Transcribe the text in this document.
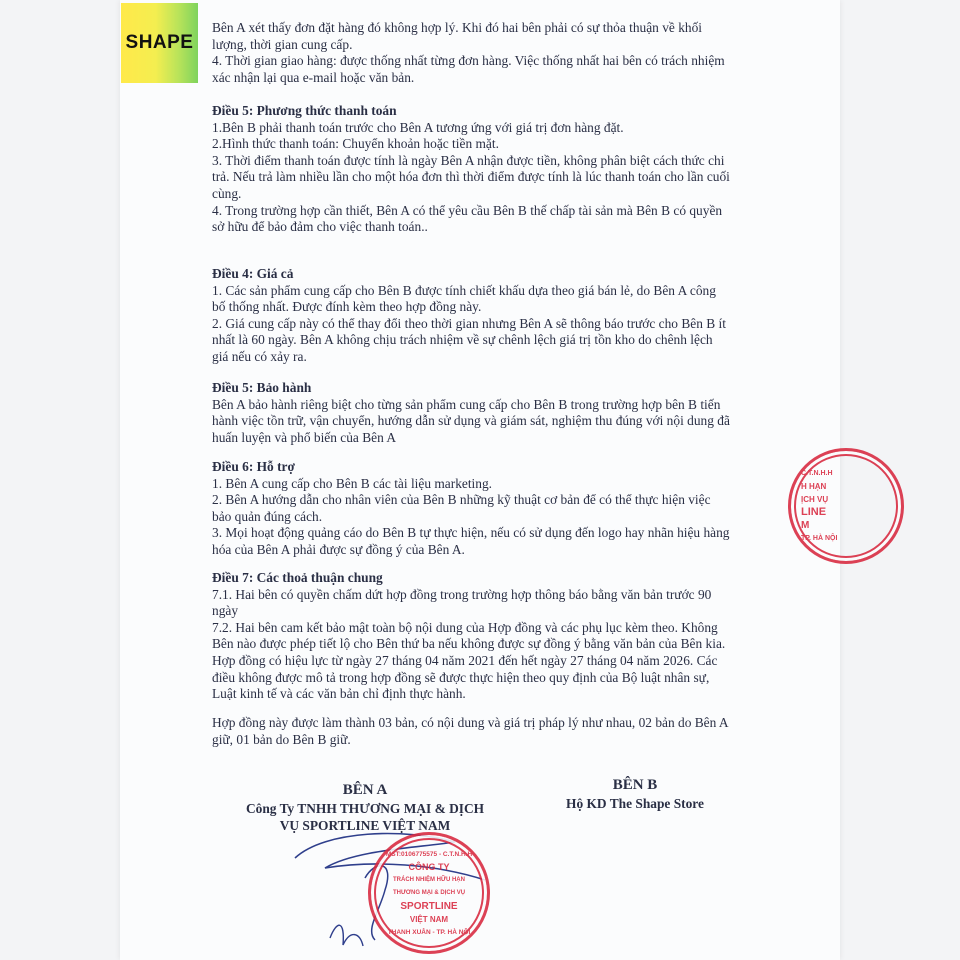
SHAPE

Bên A xét thấy đơn đặt hàng đó không hợp lý. Khi đó hai bên phải có sự thỏa thuận về khối

lượng, thời gian cung cấp.

4. Thời gian giao hàng: được thống nhất từng đơn hàng. Việc thống nhất hai bên có trách nhiệm

xác nhận lại qua e-mail hoặc văn bản.

Điều 5: Phương thức thanh toán

1.Bên B phải thanh toán trước cho Bên A tương ứng với giá trị đơn hàng đặt.

2.Hình thức thanh toán: Chuyển khoản hoặc tiền mặt.

3. Thời điểm thanh toán được tính là ngày Bên A nhận được tiền, không phân biệt cách thức chi

trả. Nếu trả làm nhiều lần cho một hóa đơn thì thời điểm được tính là lúc thanh toán cho lần cuối

cùng.

4. Trong trường hợp cần thiết, Bên A có thể yêu cầu Bên B thế chấp tài sản mà Bên B có quyền

sở hữu để bảo đảm cho việc thanh toán..

Điều 4: Giá cả

1. Các sản phẩm cung cấp cho Bên B được tính chiết khấu dựa theo giá bán lẻ, do Bên A công

bố thống nhất. Được đính kèm theo hợp đồng này.

2. Giá cung cấp này có thể thay đổi theo thời gian nhưng Bên A sẽ thông báo trước cho Bên B ít

nhất là 60 ngày. Bên A không chịu trách nhiệm về sự chênh lệch giá trị tồn kho do chênh lệch

giá nếu có xảy ra.

Điều 5: Bảo hành

Bên A bảo hành riêng biệt cho từng sản phẩm cung cấp cho Bên B trong trường hợp bên B tiến

hành việc tồn trữ, vận chuyển, hướng dẫn sử dụng và giám sát, nghiệm thu đúng với nội dung đã

huấn luyện và phổ biến của Bên A

Điều 6: Hỗ trợ

1. Bên A cung cấp cho Bên B các tài liệu marketing.

2. Bên A hướng dẫn cho nhân viên của Bên B những kỹ thuật cơ bản để có thể thực hiện việc

bảo quản đúng cách.

3. Mọi hoạt động quảng cáo do Bên B tự thực hiện, nếu có sử dụng đến logo hay nhãn hiệu hàng

hóa của Bên A phải được sự đồng ý của Bên A.

Điều 7: Các thoả thuận chung

7.1. Hai bên có quyền chấm dứt hợp đồng trong trường hợp thông báo bằng văn bản trước 90

ngày

7.2. Hai bên cam kết bảo mật toàn bộ nội dung của Hợp đồng và các phụ lục kèm theo. Không

Bên nào được phép tiết lộ cho Bên thứ ba nếu không được sự đồng ý bằng văn bản của Bên kia.

Hợp đồng có hiệu lực từ ngày 27 tháng 04 năm 2021 đến hết ngày 27 tháng 04 năm 2026. Các

điều không được mô tả trong hợp đồng sẽ được thực hiện theo quy định của Bộ luật nhân sự,

Luật kinh tế và các văn bản chỉ định thực hành.

Hợp đồng này được làm thành 03 bản, có nội dung và giá trị pháp lý như nhau, 02 bản do Bên A

giữ, 01 bản do Bên B giữ.

BÊN A
Công Ty TNHH THƯƠNG MẠI & DỊCH
VỤ SPORTLINE VIỆT NAM
BÊN B
Hộ KD The Shape Store
MST:0106775575 - C.T.N.H.H
CÔNG TY
TRÁCH NHIỆM HỮU HẠN
THƯƠNG MẠI & DỊCH VỤ
SPORTLINE
VIỆT NAM
THANH XUÂN - TP. HÀ NỘI
C.T.N.H.H
H HẠN
ỊCH VỤ
LINE
M
TP. HÀ NỘI
